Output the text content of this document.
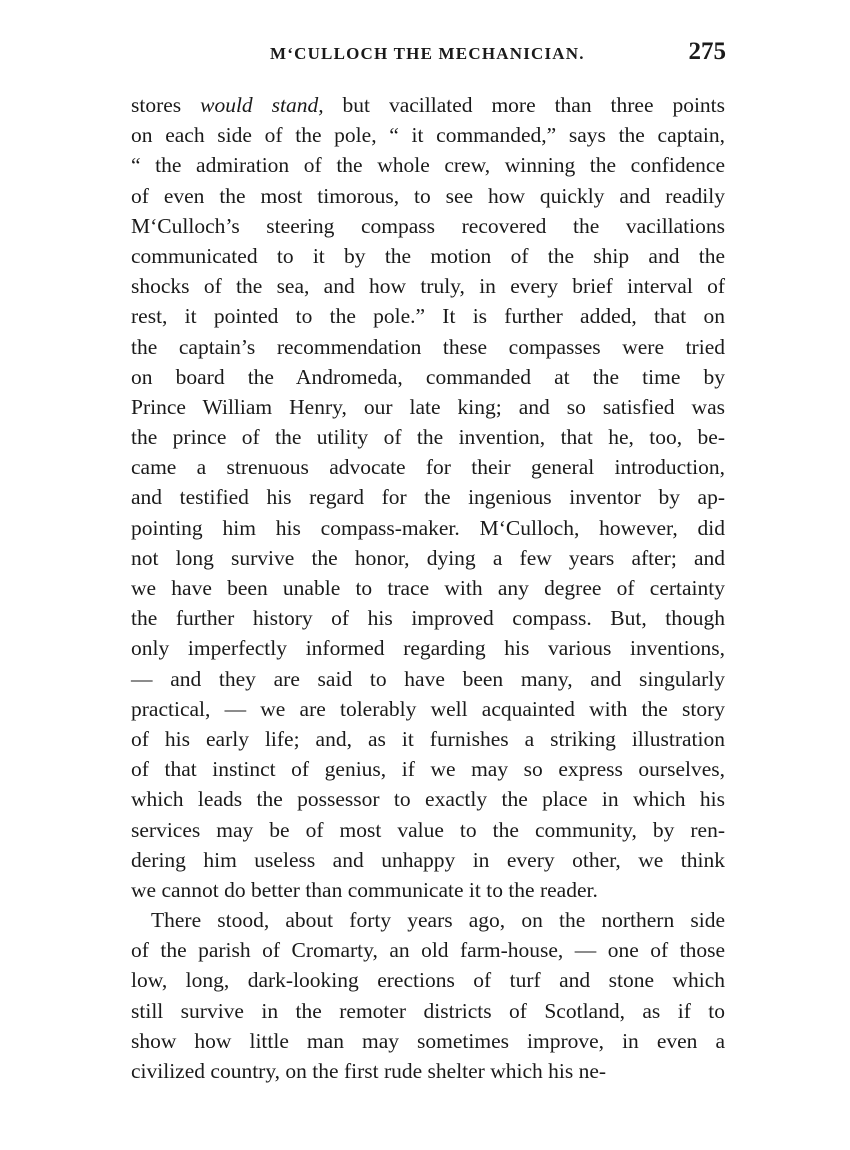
M‘CULLOCH THE MECHANICIAN.	275
stores would stand, but vacillated more than three points
on each side of the pole, “ it commanded,” says the captain,
“ the admiration of the whole crew, winning the confidence
of even the most timorous, to see how quickly and readily
M‘Culloch’s steering compass recovered the vacillations
communicated to it by the motion of the ship and the
shocks of the sea, and how truly, in every brief interval of
rest, it pointed to the pole.” It is further added, that on
the captain’s recommendation these compasses were tried
on board the Andromeda, commanded at the time by
Prince William Henry, our late king; and so satisfied was
the prince of the utility of the invention, that he, too, be-
came a strenuous advocate for their general introduction,
and testified his regard for the ingenious inventor by ap-
pointing him his compass-maker. M‘Culloch, however, did
not long survive the honor, dying a few years after; and
we have been unable to trace with any degree of certainty
the further history of his improved compass. But, though
only imperfectly informed regarding his various inventions,
— and they are said to have been many, and singularly
practical, — we are tolerably well acquainted with the story
of his early life; and, as it furnishes a striking illustration
of that instinct of genius, if we may so express ourselves,
which leads the possessor to exactly the place in which his
services may be of most value to the community, by ren-
dering him useless and unhappy in every other, we think
we cannot do better than communicate it to the reader.
There stood, about forty years ago, on the northern side
of the parish of Cromarty, an old farm-house, — one of those
low, long, dark-looking erections of turf and stone which
still survive in the remoter districts of Scotland, as if to
show how little man may sometimes improve, in even a
civilized country, on the first rude shelter which his ne-
